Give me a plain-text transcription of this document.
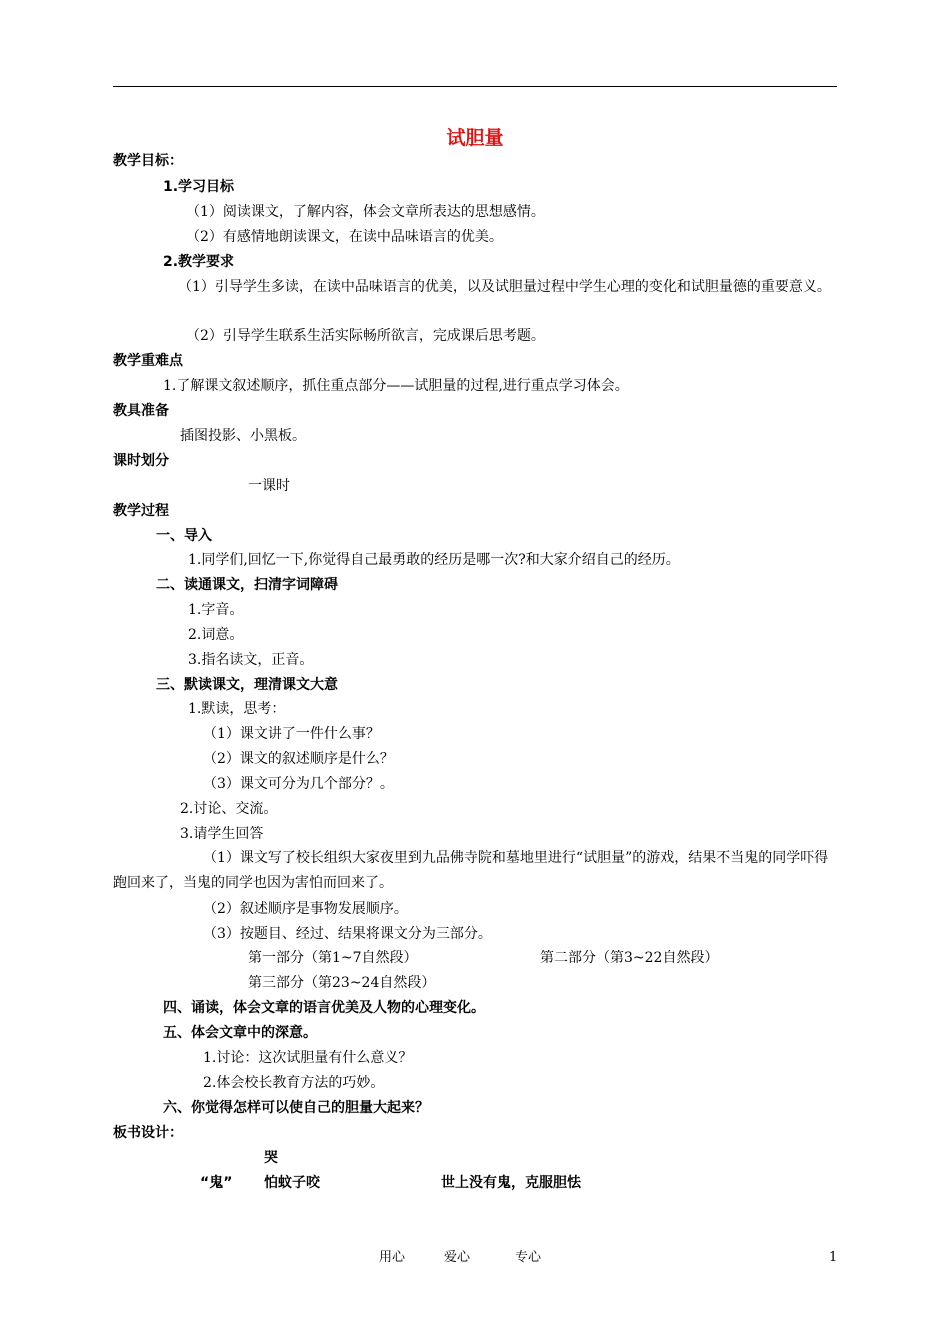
试胆量
教学目标：
1.学习目标
（1）阅读课文，了解内容，体会文章所表达的思想感情。
（2）有感情地朗读课文，在读中品味语言的优美。
2.教学要求
（1）引导学生多读，在读中品味语言的优美，以及试胆量过程中学生心理的变化和试胆量德的重要意义。
（2）引导学生联系生活实际畅所欲言，完成课后思考题。
教学重难点
1.了解课文叙述顺序，抓住重点部分——试胆量的过程,进行重点学习体会。
教具准备
插图投影、小黑板。
课时划分
一课时
教学过程
一、导入
1.同学们,回忆一下,你觉得自己最勇敢的经历是哪一次?和大家介绍自己的经历。
二、读通课文，扫清字词障碍
1.字音。
2.词意。
3.指名读文，正音。
三、默读课文，理清课文大意
1.默读，思考：
（1）课文讲了一件什么事？
（2）课文的叙述顺序是什么？
（3）课文可分为几个部分？。
2.讨论、交流。
3.请学生回答
（1）课文写了校长组织大家夜里到九品佛寺院和墓地里进行“试胆量”的游戏，结果不当鬼的同学吓得跑回来了，当鬼的同学也因为害怕而回来了。
（2）叙述顺序是事物发展顺序。
（3）按题目、经过、结果将课文分为三部分。
第一部分（第1~7自然段）	第二部分（第3~22自然段）
第三部分（第23~24自然段）
四、诵读，体会文章的语言优美及人物的心理变化。
五、体会文章中的深意。
1.讨论：这次试胆量有什么意义？
2.体会校长教育方法的巧妙。
六、你觉得怎样可以使自己的胆量大起来？
板书设计：
哭
“鬼” 怕蚊子咬	世上没有鬼，克服胆怯
用心	爱心	专心	1
